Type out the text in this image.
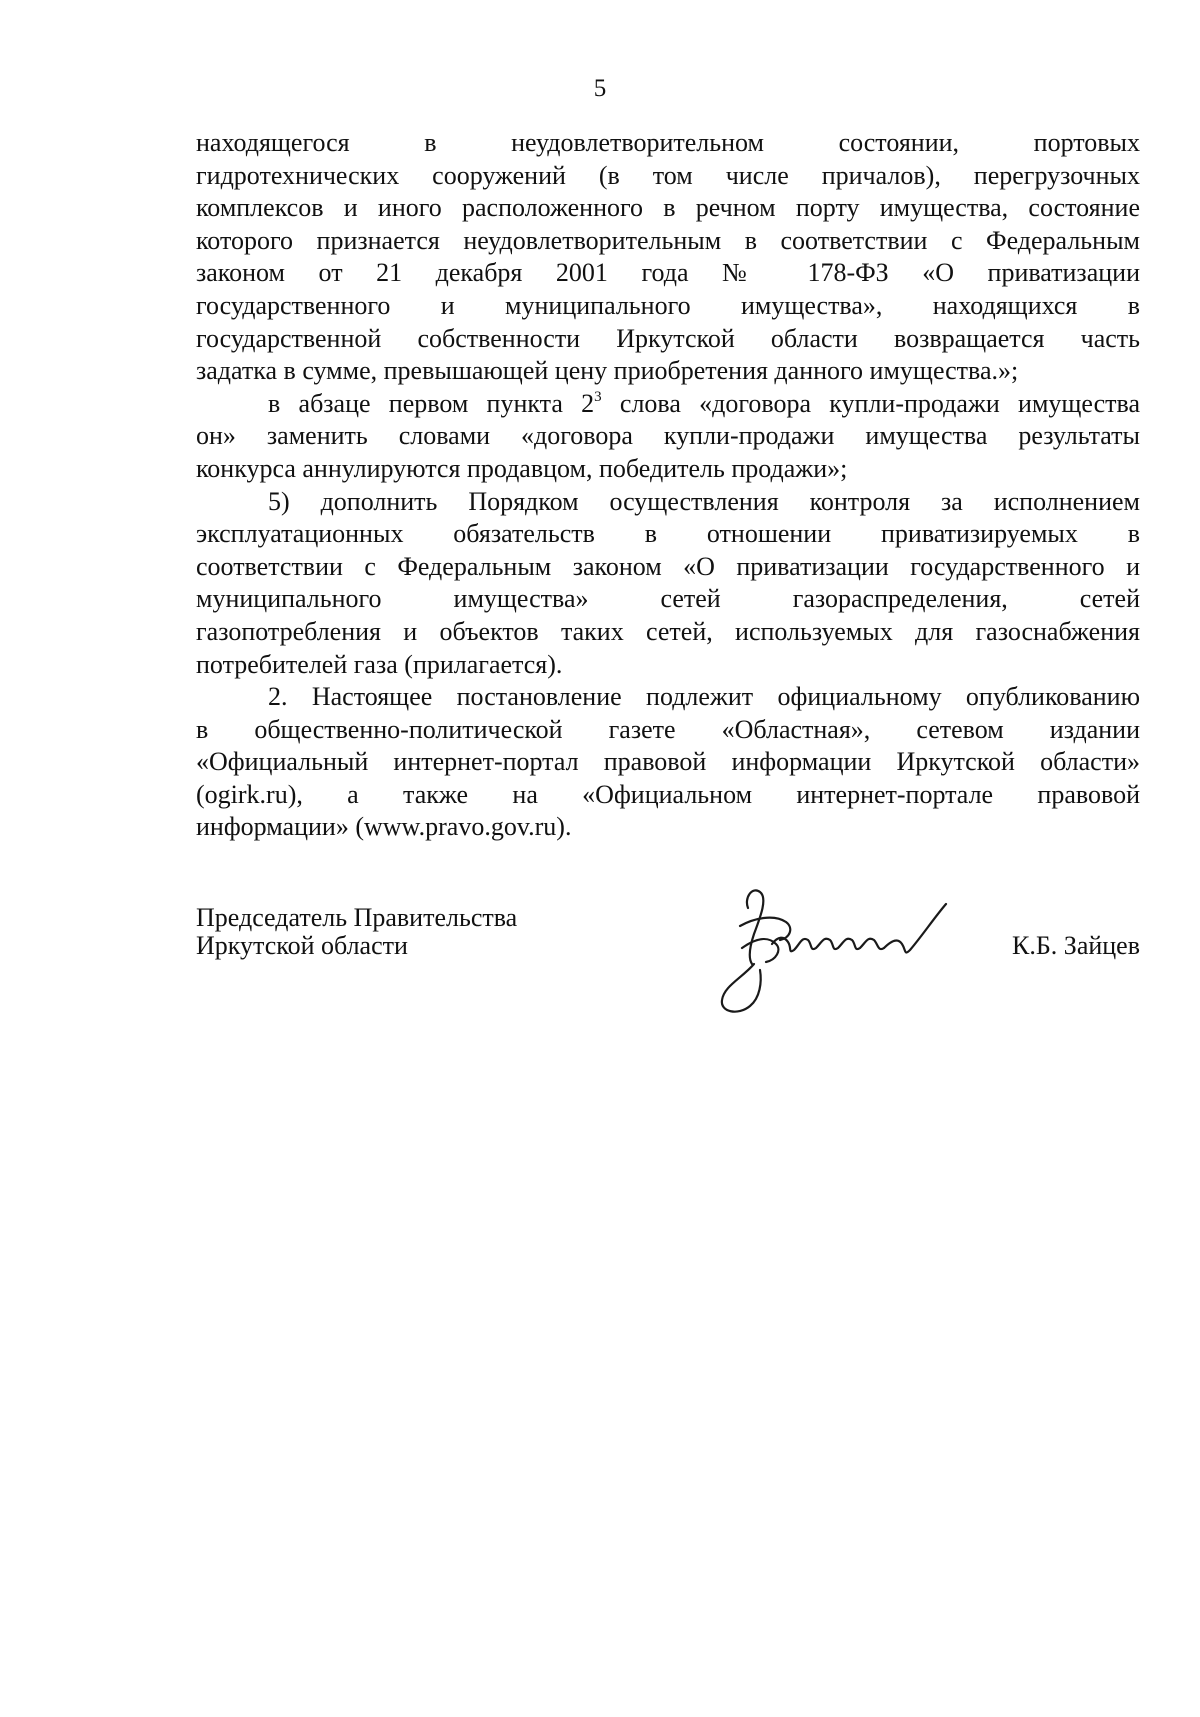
5
находящегося в неудовлетворительном состоянии, портовых
гидротехнических сооружений (в том числе причалов), перегрузочных
комплексов и иного расположенного в речном порту имущества, состояние
которого признается неудовлетворительным в соответствии с Федеральным
законом от 21 декабря 2001 года № 178-ФЗ «О приватизации
государственного и муниципального имущества», находящихся в
государственной собственности Иркутской области возвращается часть
задатка в сумме, превышающей цену приобретения данного имущества.»;
в абзаце первом пункта $2^3$ слова «договора купли-продажи имущества
он» заменить словами «договора купли-продажи имущества результаты
конкурса аннулируются продавцом, победитель продажи»;
5) дополнить Порядком осуществления контроля за исполнением
эксплуатационных обязательств в отношении приватизируемых в
соответствии с Федеральным законом «О приватизации государственного и
муниципального имущества» сетей газораспределения, сетей
газопотребления и объектов таких сетей, используемых для газоснабжения
потребителей газа (прилагается).
2. Настоящее постановление подлежит официальному опубликованию
в общественно-политической газете «Областная», сетевом издании
«Официальный интернет-портал правовой информации Иркутской области»
(ogirk.ru), а также на «Официальном интернет-портале правовой
информации» (www.pravo.gov.ru).
Председатель Правительства
Иркутской области	К.Б. Зайцев
